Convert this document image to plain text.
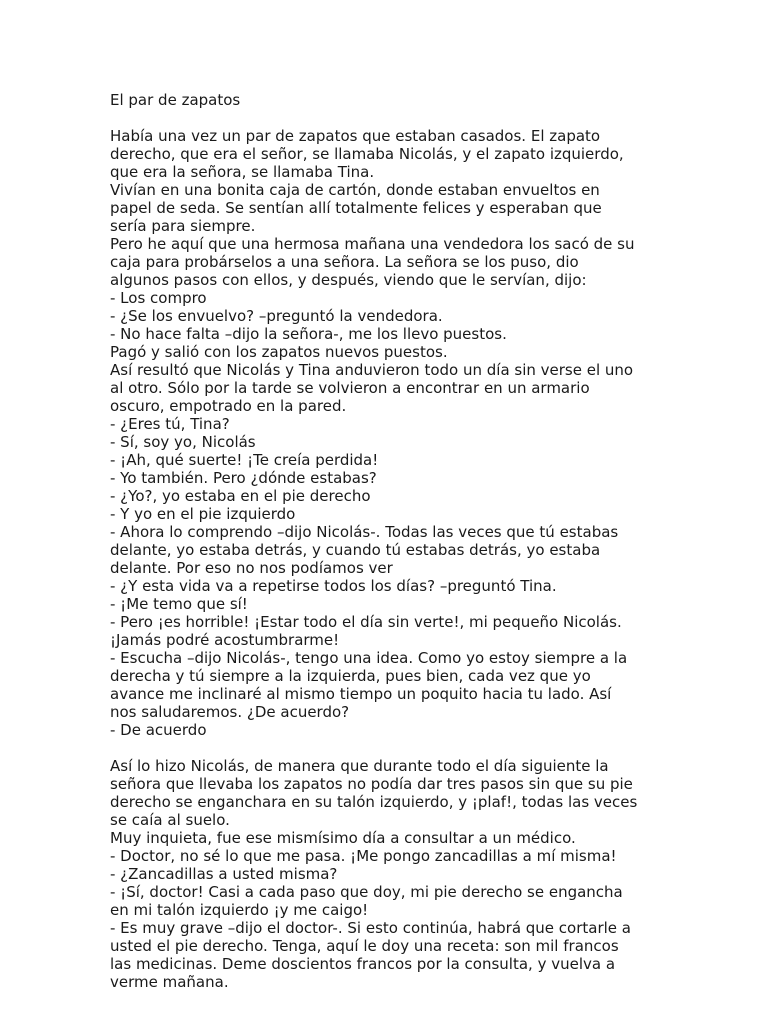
El par de zapatos
Había una vez un par de zapatos que estaban casados. El zapato
derecho, que era el señor, se llamaba Nicolás, y el zapato izquierdo,
que era la señora, se llamaba Tina.
Vivían en una bonita caja de cartón, donde estaban envueltos en
papel de seda. Se sentían allí totalmente felices y esperaban que
sería para siempre.
Pero he aquí que una hermosa mañana una vendedora los sacó de su
caja para probárselos a una señora. La señora se los puso, dio
algunos pasos con ellos, y después, viendo que le servían, dijo:
- Los compro
- ¿Se los envuelvo? –preguntó la vendedora.
- No hace falta –dijo la señora-, me los llevo puestos.
Pagó y salió con los zapatos nuevos puestos.
Así resultó que Nicolás y Tina anduvieron todo un día sin verse el uno
al otro. Sólo por la tarde se volvieron a encontrar en un armario
oscuro, empotrado en la pared.
- ¿Eres tú, Tina?
- Sí, soy yo, Nicolás
- ¡Ah, qué suerte! ¡Te creía perdida!
- Yo también. Pero ¿dónde estabas?
- ¿Yo?, yo estaba en el pie derecho
- Y yo en el pie izquierdo
- Ahora lo comprendo –dijo Nicolás-. Todas las veces que tú estabas
delante, yo estaba detrás, y cuando tú estabas detrás, yo estaba
delante. Por eso no nos podíamos ver
- ¿Y esta vida va a repetirse todos los días? –preguntó Tina.
- ¡Me temo que sí!
- Pero ¡es horrible! ¡Estar todo el día sin verte!, mi pequeño Nicolás.
¡Jamás podré acostumbrarme!
- Escucha –dijo Nicolás-, tengo una idea. Como yo estoy siempre a la
derecha y tú siempre a la izquierda, pues bien, cada vez que yo
avance me inclinaré al mismo tiempo un poquito hacia tu lado. Así
nos saludaremos. ¿De acuerdo?
- De acuerdo
Así lo hizo Nicolás, de manera que durante todo el día siguiente la
señora que llevaba los zapatos no podía dar tres pasos sin que su pie
derecho se enganchara en su talón izquierdo, y ¡plaf!, todas las veces
se caía al suelo.
Muy inquieta, fue ese mismísimo día a consultar a un médico.
- Doctor, no sé lo que me pasa. ¡Me pongo zancadillas a mí misma!
- ¿Zancadillas a usted misma?
- ¡Sí, doctor! Casi a cada paso que doy, mi pie derecho se engancha
en mi talón izquierdo ¡y me caigo!
- Es muy grave –dijo el doctor-. Si esto continúa, habrá que cortarle a
usted el pie derecho. Tenga, aquí le doy una receta: son mil francos
las medicinas. Deme doscientos francos por la consulta, y vuelva a
verme mañana.
